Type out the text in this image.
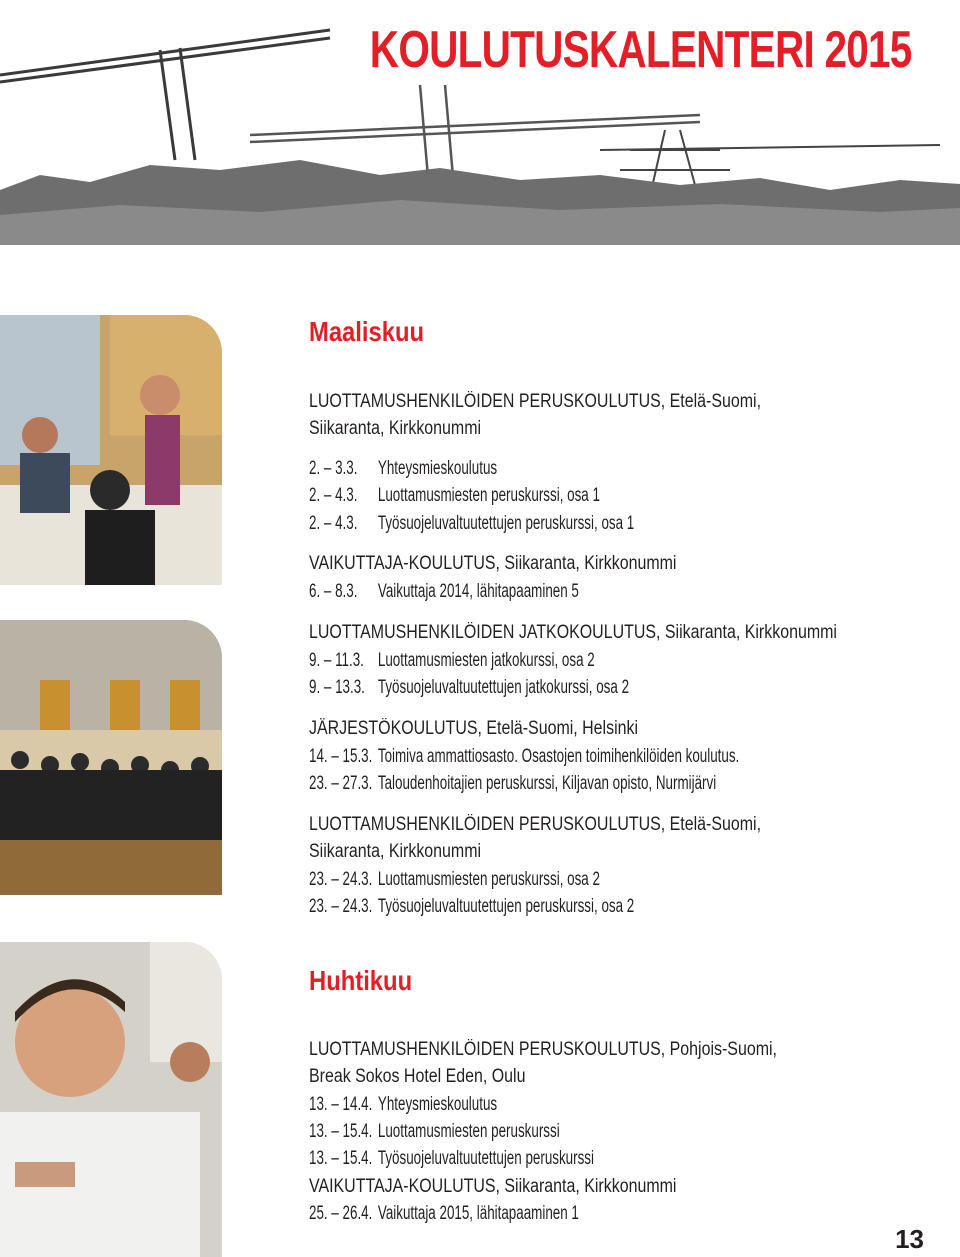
KOULUTUSKALENTERI 2015
Maaliskuu
LUOTTAMUSHENKILÖIDEN PERUSKOULUTUS, Etelä-Suomi,
Siikaranta, Kirkkonummi
2. – 3.3. Yhteysmieskoulutus
2. – 4.3. Luottamusmiesten peruskurssi, osa 1
2. – 4.3. Työsuojeluvaltuutettujen peruskurssi, osa 1
VAIKUTTAJA-KOULUTUS, Siikaranta, Kirkkonummi
6. – 8.3. Vaikuttaja 2014, lähitapaaminen 5
LUOTTAMUSHENKILÖIDEN JATKOKOULUTUS, Siikaranta, Kirkkonummi
9. – 11.3. Luottamusmiesten jatkokurssi, osa 2
9. – 13.3. Työsuojeluvaltuutettujen jatkokurssi, osa 2
JÄRJESTÖKOULUTUS, Etelä-Suomi, Helsinki
14. – 15.3. Toimiva ammattiosasto. Osastojen toimihenkilöiden koulutus.
23. – 27.3. Taloudenhoitajien peruskurssi, Kiljavan opisto, Nurmijärvi
LUOTTAMUSHENKILÖIDEN PERUSKOULUTUS, Etelä-Suomi,
Siikaranta, Kirkkonummi
23. – 24.3. Luottamusmiesten peruskurssi, osa 2
23. – 24.3. Työsuojeluvaltuutettujen peruskurssi, osa 2
Huhtikuu
LUOTTAMUSHENKILÖIDEN PERUSKOULUTUS, Pohjois-Suomi,
Break Sokos Hotel Eden, Oulu
13. – 14.4. Yhteysmieskoulutus
13. – 15.4. Luottamusmiesten peruskurssi
13. – 15.4. Työsuojeluvaltuutettujen peruskurssi
VAIKUTTAJA-KOULUTUS, Siikaranta, Kirkkonummi
25. – 26.4. Vaikuttaja 2015, lähitapaaminen 1
13
